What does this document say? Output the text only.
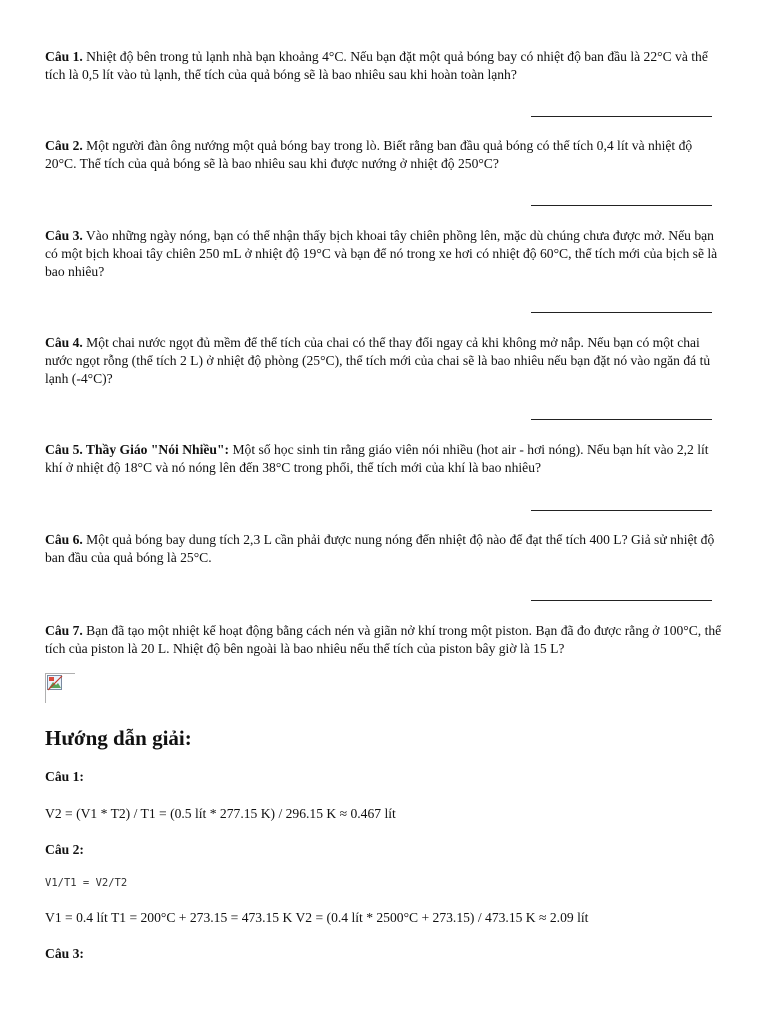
Câu 1. Nhiệt độ bên trong tủ lạnh nhà bạn khoảng 4°C. Nếu bạn đặt một quả bóng bay có nhiệt độ ban đầu là 22°C và thể tích là 0,5 lít vào tủ lạnh, thể tích của quả bóng sẽ là bao nhiêu sau khi hoàn toàn lạnh?
Câu 2. Một người đàn ông nướng một quả bóng bay trong lò. Biết rằng ban đầu quả bóng có thể tích 0,4 lít và nhiệt độ 20°C. Thể tích của quả bóng sẽ là bao nhiêu sau khi được nướng ở nhiệt độ 250°C?
Câu 3. Vào những ngày nóng, bạn có thể nhận thấy bịch khoai tây chiên phồng lên, mặc dù chúng chưa được mở. Nếu bạn có một bịch khoai tây chiên 250 mL ở nhiệt độ 19°C và bạn để nó trong xe hơi có nhiệt độ 60°C, thể tích mới của bịch sẽ là bao nhiêu?
Câu 4. Một chai nước ngọt đủ mềm để thể tích của chai có thể thay đổi ngay cả khi không mở nắp. Nếu bạn có một chai nước ngọt rỗng (thể tích 2 L) ở nhiệt độ phòng (25°C), thể tích mới của chai sẽ là bao nhiêu nếu bạn đặt nó vào ngăn đá tủ lạnh (-4°C)?
Câu 5. Thầy Giáo "Nói Nhiều": Một số học sinh tin rằng giáo viên nói nhiều (hot air - hơi nóng). Nếu bạn hít vào 2,2 lít khí ở nhiệt độ 18°C và nó nóng lên đến 38°C trong phổi, thể tích mới của khí là bao nhiêu?
Câu 6. Một quả bóng bay dung tích 2,3 L cần phải được nung nóng đến nhiệt độ nào để đạt thể tích 400 L? Giả sử nhiệt độ ban đầu của quả bóng là 25°C.
Câu 7. Bạn đã tạo một nhiệt kế hoạt động bằng cách nén và giãn nở khí trong một piston. Bạn đã đo được rằng ở 100°C, thể tích của piston là 20 L. Nhiệt độ bên ngoài là bao nhiêu nếu thể tích của piston bây giờ là 15 L?
Hướng dẫn giải:
Câu 1:
V2 = (V1 * T2) / T1 = (0.5 lít * 277.15 K) / 296.15 K ≈ 0.467 lít
Câu 2:
V1/T1 = V2/T2
V1 = 0.4 lít T1 = 200°C + 273.15 = 473.15 K V2 = (0.4 lít * 2500°C + 273.15) / 473.15 K ≈ 2.09 lít
Câu 3:
